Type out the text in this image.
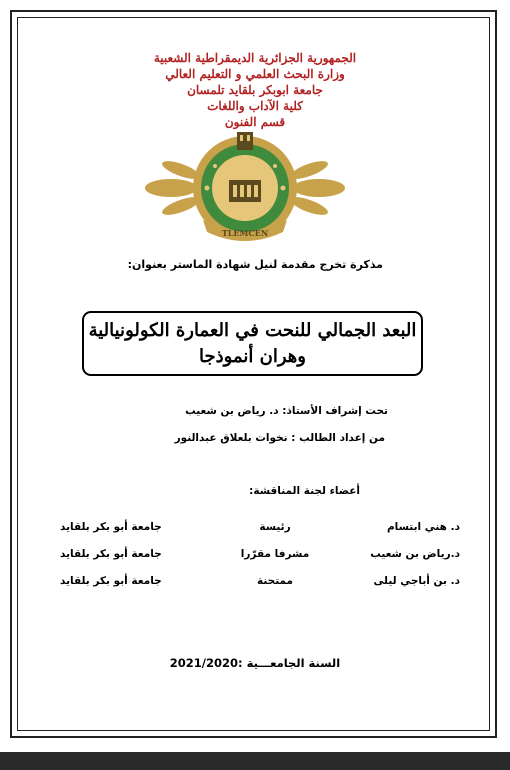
الجمهورية الجزائرية الديمقراطية الشعبية
وزارة البحث العلمي و التعليم العالي
جامعة ابوبكر بلقايد تلمسان
كلية الآداب واللغات
قسم الفنون
TLEMCEN
مذكرة تخرج مقدمة لنيل شهادة الماستر بعنوان:
البعد الجمالي للنحت في العمارة الكولونيالية
وهران أنموذجا
تحت إشراف الأستاذ: د. رياض بن شعيب
من إعداد الطالب : نخوات بلعلاق عبدالنور
أعضاء لجنة المناقشة:
د. هني ابتسام
رئيسة
جامعة أبو بكر بلقايد
د.رياض بن شعيب
مشرفا مقرّرا
جامعة أبو بكر بلقايد
د. بن أباجي ليلى
ممتحنة
جامعة أبو بكر بلقايد
السنة الجامعـــية :2021/2020
